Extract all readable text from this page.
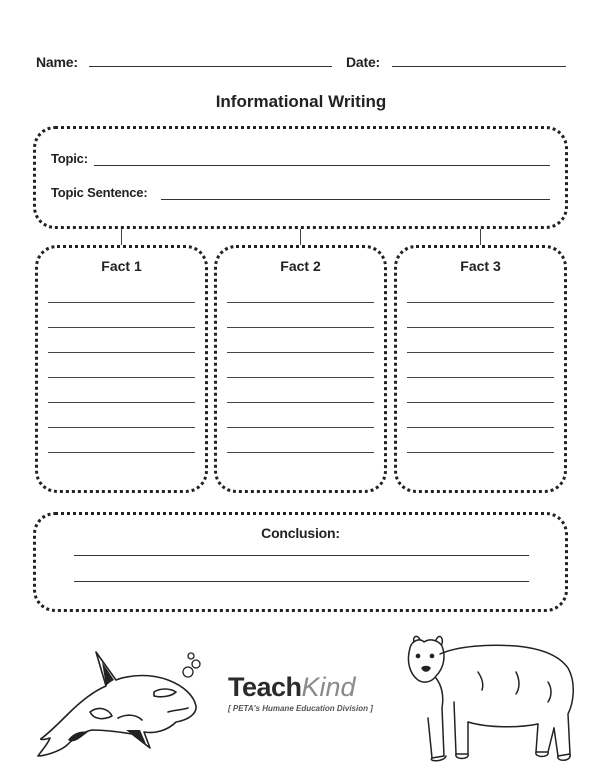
Name:	Date:
Informational Writing
Topic:
Topic Sentence:
Fact 1	Fact 2	Fact 3
Conclusion:
TeachKind
[ PETA's Humane Education Division ]
